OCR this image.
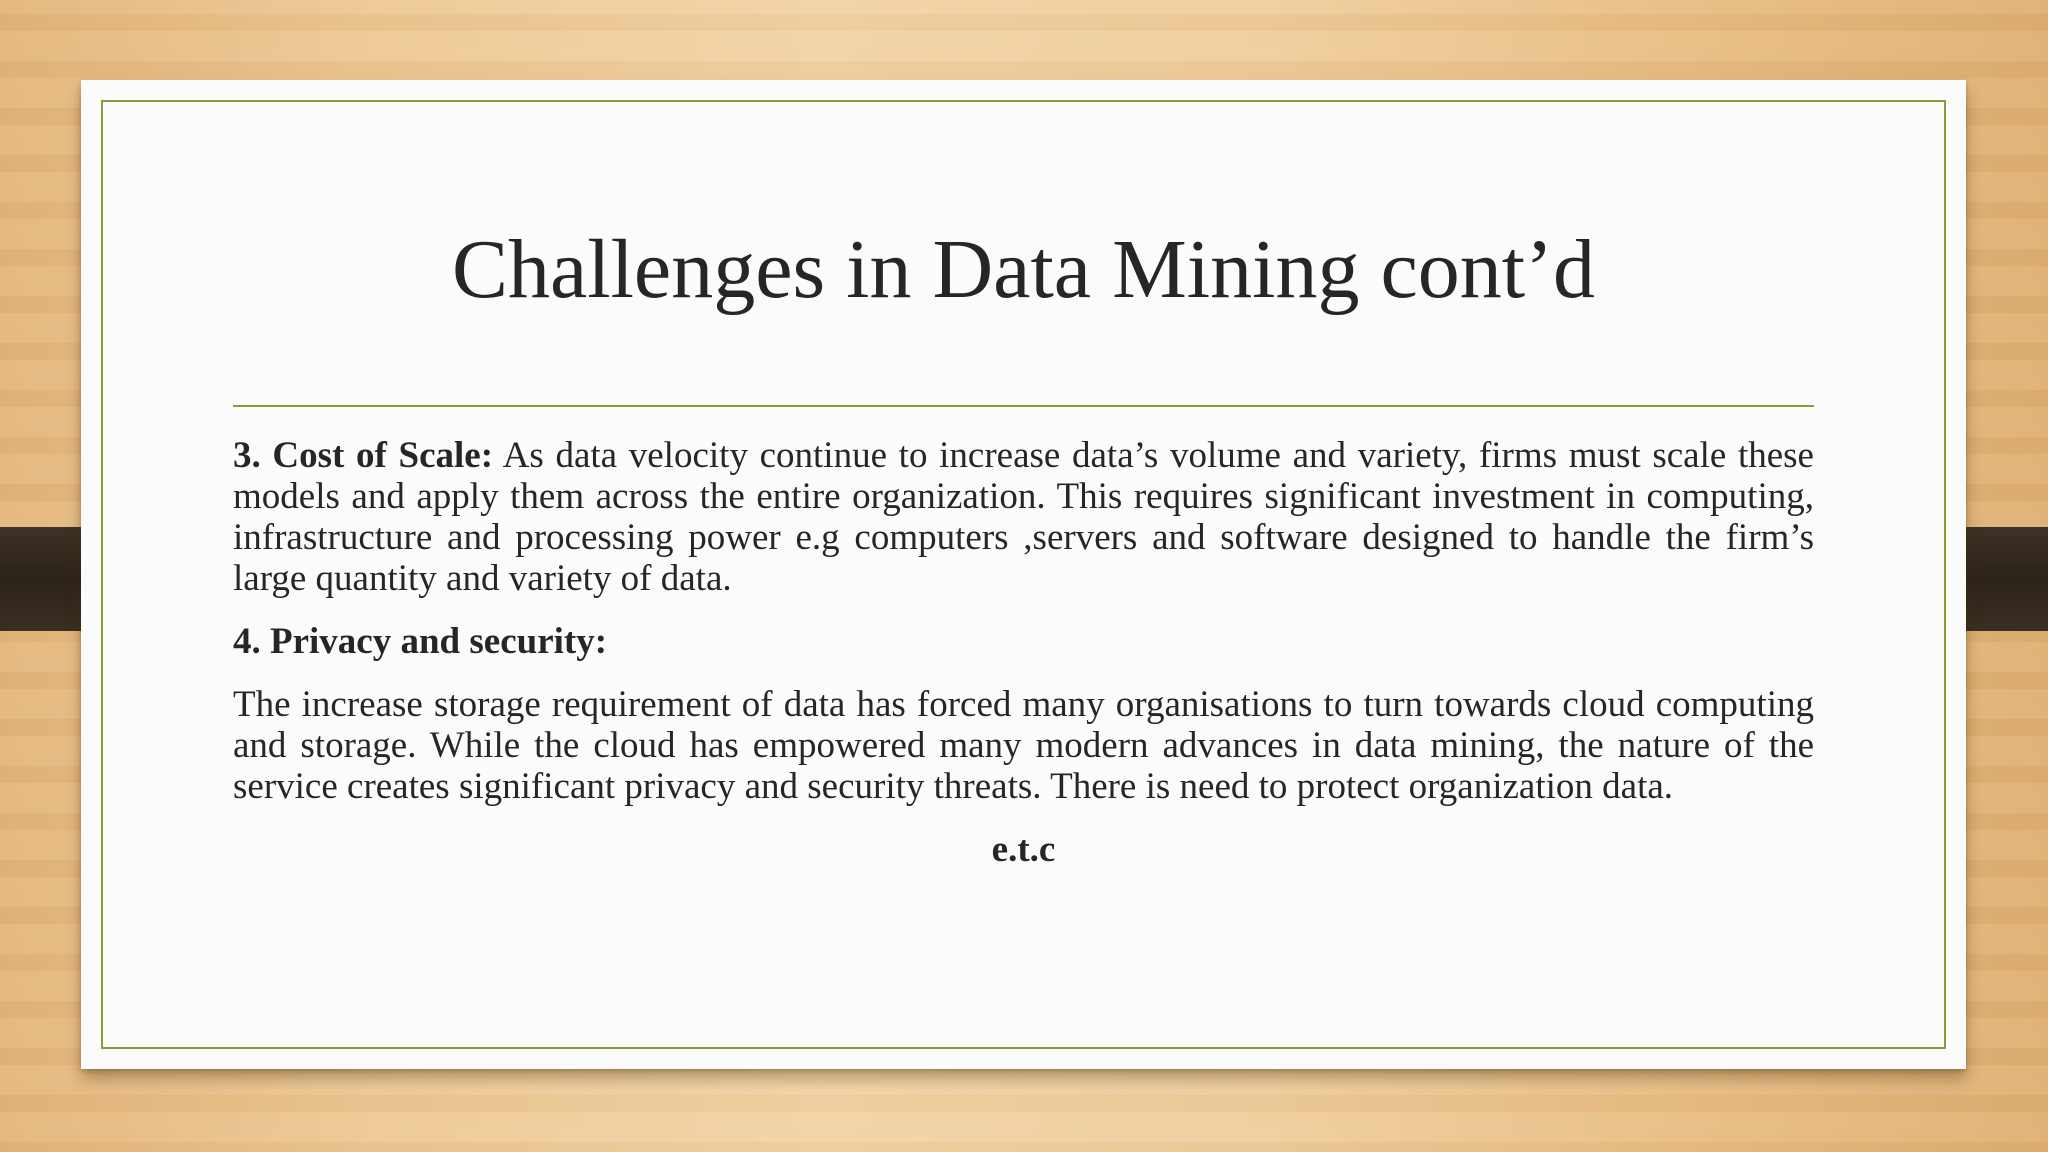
Challenges in Data Mining cont’d

3. Cost of Scale: As data velocity continue to increase data’s volume and variety, firms must scale these models and apply them across the entire organization. This requires significant investment in computing, infrastructure and processing power e.g computers ,servers and software designed to handle the firm’s large quantity and variety of data.

4. Privacy and security:

The increase storage requirement of data has forced many organisations to turn towards cloud computing and storage. While the cloud has empowered many modern advances in data mining, the nature of the service creates significant privacy and security threats. There is need to protect organization data.

e.t.c
